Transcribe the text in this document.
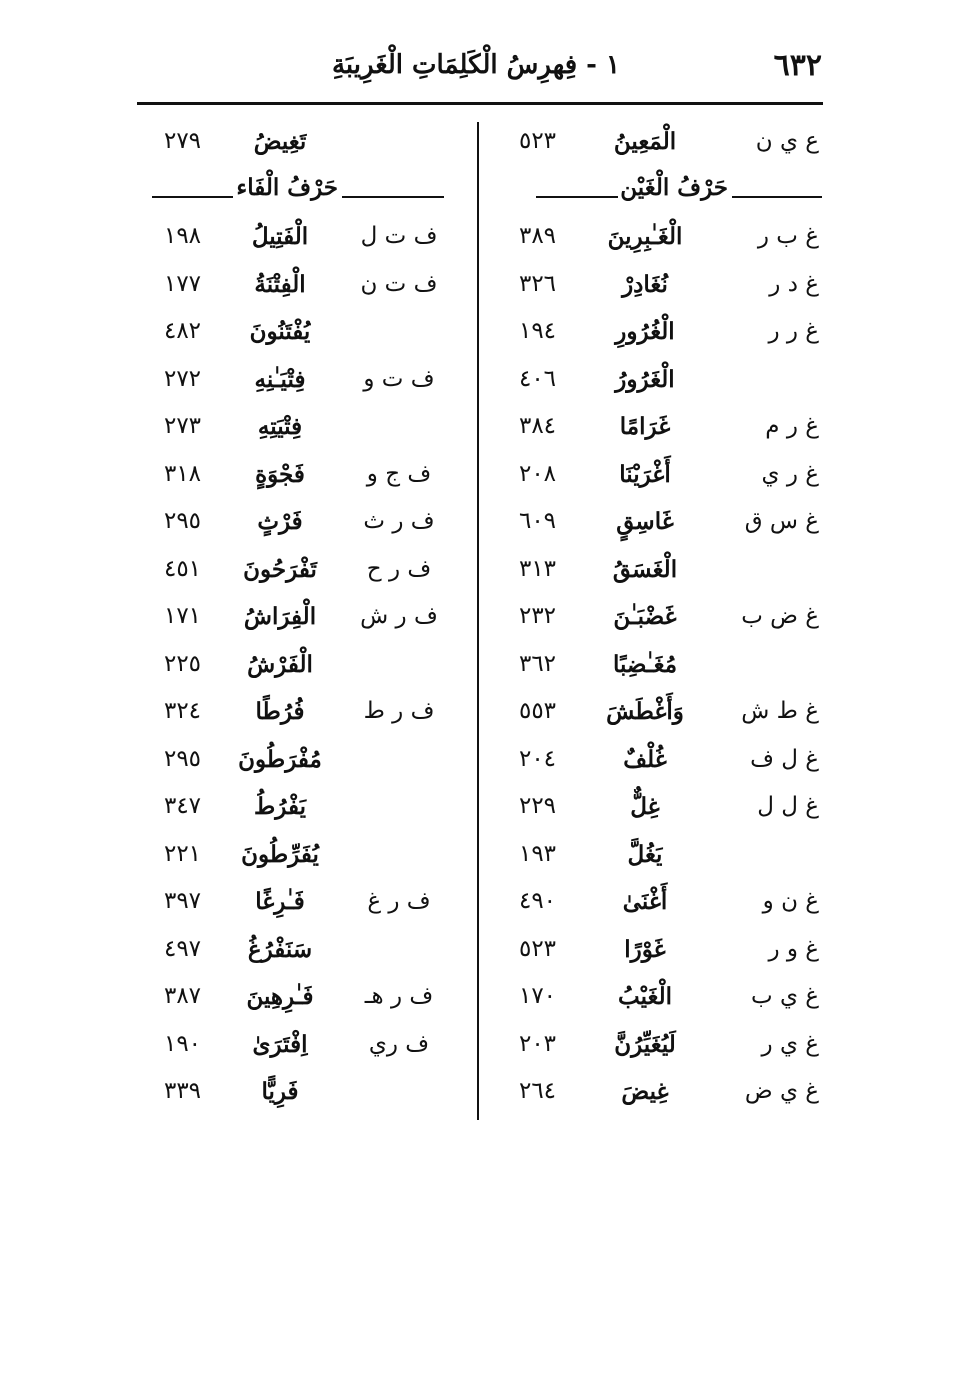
٦٣٢
١ - فِهرِسُ الْكَلِمَاتِ الْغَرِيبَةِ
ع ي ن
الْمَعِينُ
٥٢٣
حَرْفُ الْغَيْن
غ ب ر
الْغَـٰبِرِينَ
٣٨٩
غ د ر
نُغَادِرْ
٣٢٦
غ ر ر
الْغُرُورِ
١٩٤
الْغَرُورُ
٤٠٦
غ ر م
غَرَامًا
٣٨٤
غ ر ي
أَغْرَيْنَا
٢٠٨
غ س ق
غَاسِقٍ
٦٠٩
الْغَسَقُ
٣١٣
غ ض ب
غَضْبَـٰنَ
٢٣٢
مُغَـٰضِبًا
٣٦٢
غ ط ش
وَأَغْطَشَ
٥٥٣
غ ل ف
غُلْفٌ
٢٠٤
غ ل ل
غِلٌّ
٢٢٩
يَغُلَّ
١٩٣
غ ن و
أَغْنَىٰ
٤٩٠
غ و ر
غَوْرًا
٥٢٣
غ ي ب
الْغَيْبُ
١٧٠
غ ي ر
لَيُغَيِّرُنَّ
٢٠٣
غ ي ض
غِيضَ
٢٦٤
تَغِيضُ
٢٧٩
حَرْفُ الْفَاء
ف ت ل
الْفَتِيلُ
١٩٨
ف ت ن
الْفِتْنَةُ
١٧٧
يُفْتَنُونَ
٤٨٢
ف ت و
فِتْيَـٰنِهِ
٢٧٢
فِتْيَتِهِ
٢٧٣
ف ج و
فَجْوَةٍ
٣١٨
ف ر ث
فَرْثٍ
٢٩٥
ف ر ح
تَفْرَحُونَ
٤٥١
ف ر ش
الْفِرَاشُ
١٧١
الْفَرْشُ
٢٢٥
ف ر ط
فُرُطًا
٣٢٤
مُفْرَطُونَ
٢٩٥
يَفْرُطُ
٣٤٧
يُفَرِّطُونَ
٢٢١
ف ر غ
فَـٰرِغًا
٣٩٧
سَنَفْرُغُ
٤٩٧
ف ر هـ
فَـٰرِهِينَ
٣٨٧
ف ري
اِفْتَرَىٰ
١٩٠
فَرِيًّا
٣٣٩
